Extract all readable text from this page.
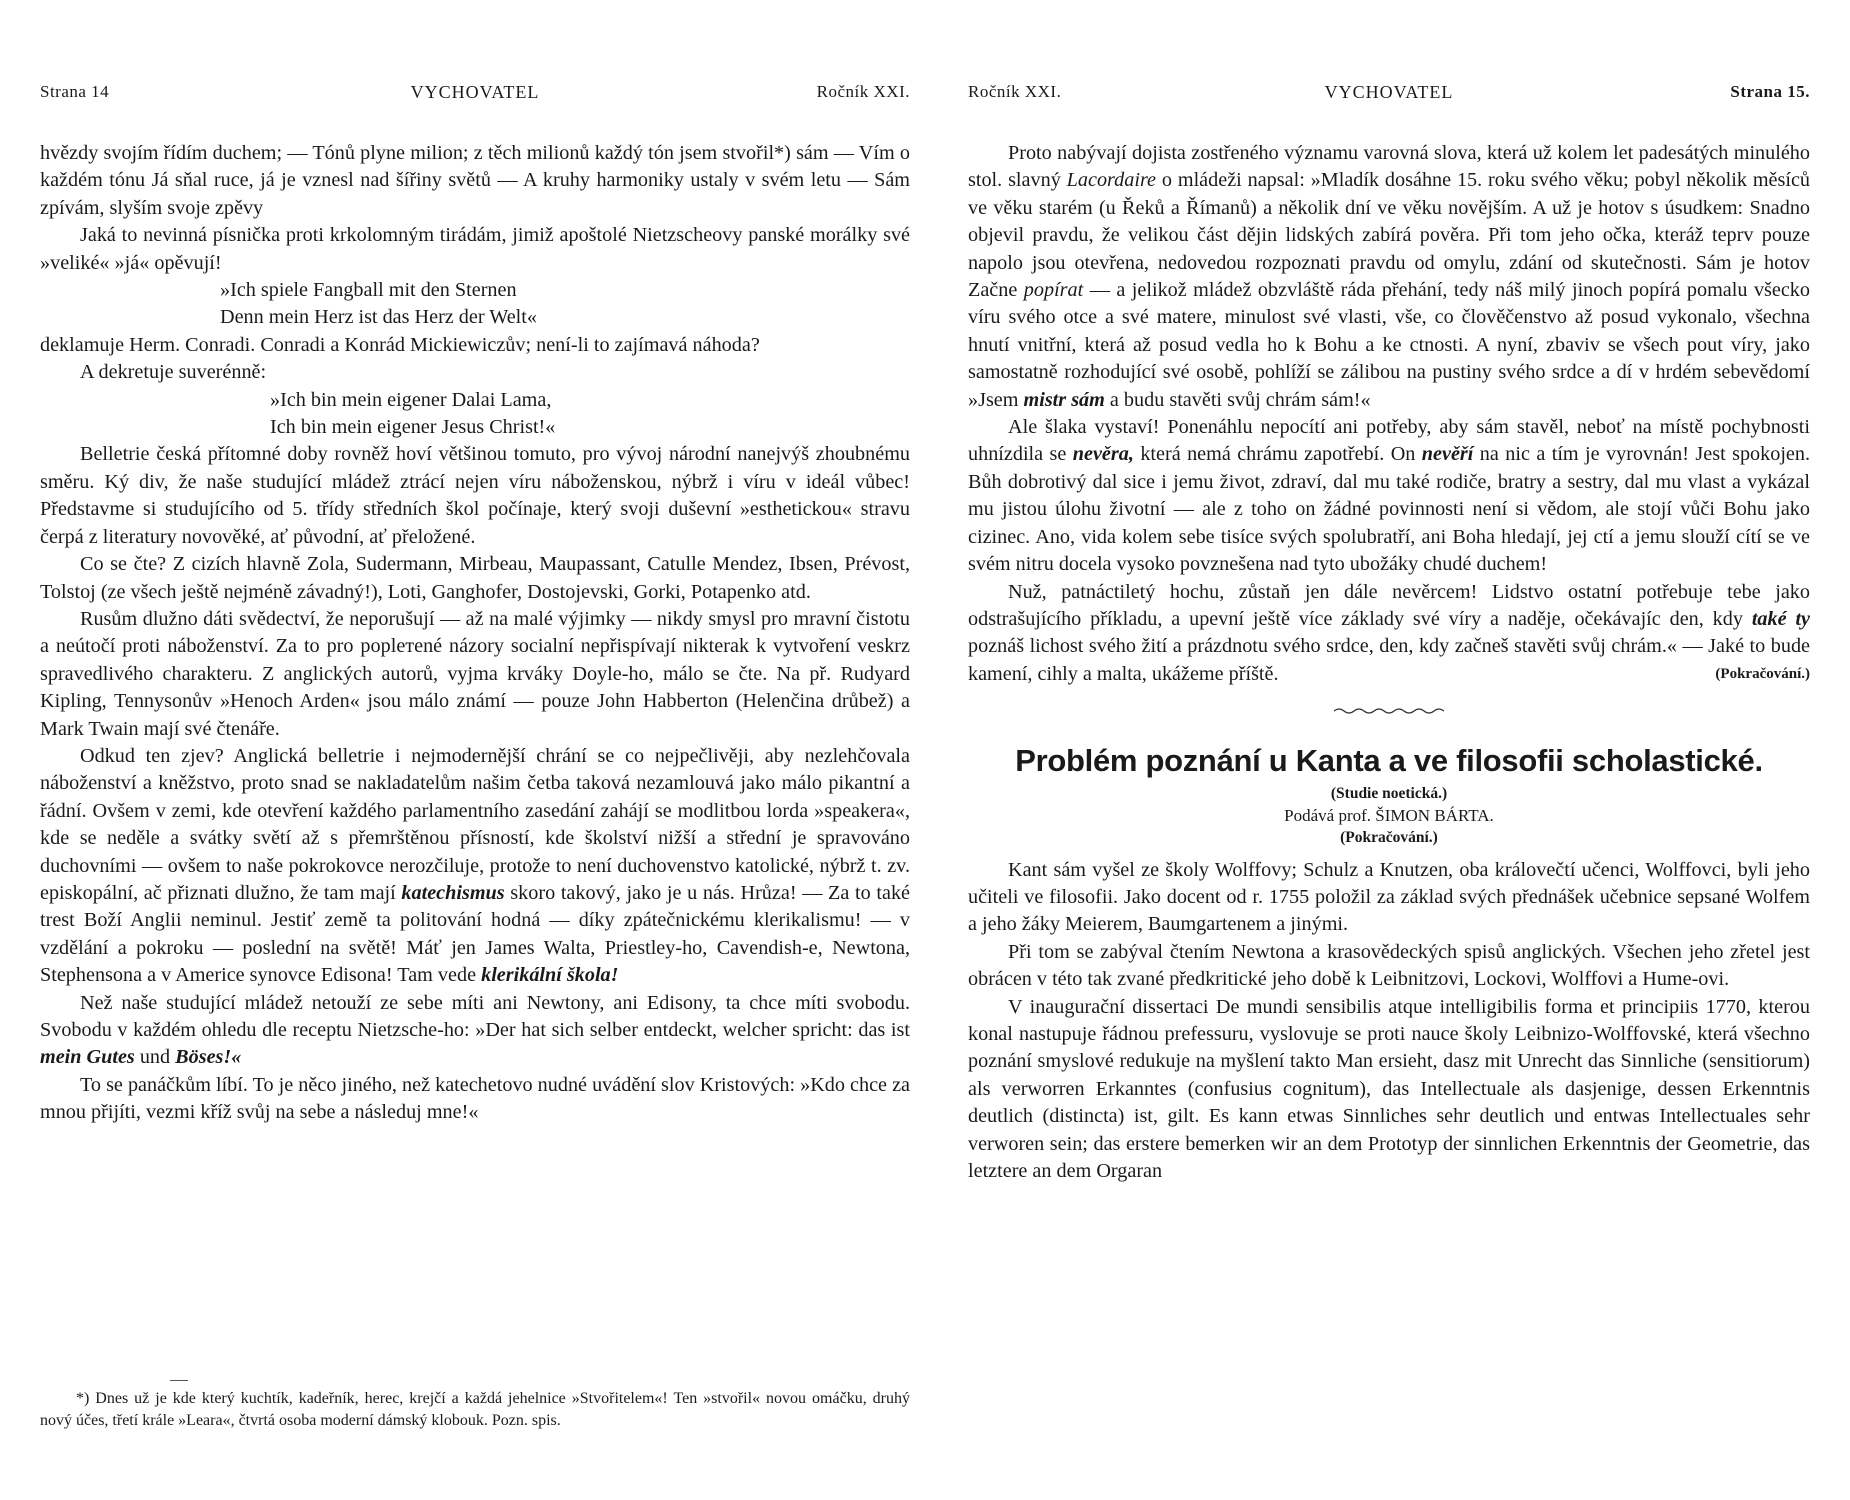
Strana 14	VYCHOVATEL	Ročník XXI.

hvězdy svojím řídím duchem; — Tónů plyne milion; z těch milionů každý tón jsem stvořil*) sám — Vím o každém tónu Já sňal ruce, já je vznesl nad šířiny světů — A kruhy harmoniky ustaly v svém letu — Sám zpívám, slyším svoje zpěvy

Jaká to nevinná písnička proti krkolomným tirádám, jimiž apoštolé Nietzscheovy panské morálky své »veliké« »já« opěvují!

»Ich spiele Fangball mit den Sternen

Denn mein Herz ist das Herz der Welt«

deklamuje Herm. Conradi. Conradi a Konrád Mickiewiczův; není-li to zajímavá náhoda?

A dekretuje suverénně:

»Ich bin mein eigener Dalai Lama,

Ich bin mein eigener Jesus Christ!«

Belletrie česká přítomné doby rovněž hoví většinou tomuto, pro vývoj národní nanejvýš zhoubnému směru. Ký div, že naše studující mládež ztrácí nejen víru náboženskou, nýbrž i víru v ideál vůbec! Představme si studujícího od 5. třídy středních škol počínaje, který svoji duševní »esthetickou« stravu čerpá z literatury novověké, ať původní, ať přeložené.

Co se čte? Z cizích hlavně Zola, Sudermann, Mirbeau, Maupassant, Catulle Mendez, Ibsen, Prévost, Tolstoj (ze všech ještě nejméně závadný!), Loti, Ganghofer, Dostojevski, Gorki, Potapenko atd.

Rusům dlužno dáti svědectví, že neporušují — až na malé výjimky — nikdy smysl pro mravní čistotu a neútočí proti náboženství. Za to pro poplетené názory socialní nepřispívají nikterak k vytvoření veskrz spravedlivého charakteru. Z anglických autorů, vyjma krváky Doyle-ho, málo se čte. Na př. Rudyard Kipling, Tennysonův »Henoch Arden« jsou málo známí — pouze John Habberton (Helenčina drůbež) a Mark Twain mají své čtenáře.

Odkud ten zjev? Anglická belletrie i nejmodernější chrání se co nejpečlivěji, aby nezlehčovala náboženství a kněžstvo, proto snad se nakladatelům našim četba taková nezamlouvá jako málo pikantní a řádní. Ovšem v zemi, kde otevření každého parlamentního zasedání zahájí se modlitbou lorda »speakera«, kde se neděle a svátky světí až s přemrštěnou přísností, kde školství nižší a střední je spravováno duchovními — ovšem to naše pokrokovce nerozčiluje, protože to není duchovenstvo katolické, nýbrž t. zv. episkopální, ač přiznati dlužno, že tam mají katechismus skoro takový, jako je u nás. Hrůza! — Za to také trest Boží Anglii neminul. Jestiť země ta politování hodná — díky zpátečnickému klerikalismu! — v vzdělání a pokroku — poslední na světě! Máť jen James Walta, Priestley-ho, Cavendish-e, Newtona, Stephensona a v Americe synovce Edisona! Tam vede klerikální škola!

Než naše studující mládež netouží ze sebe míti ani Newtony, ani Edisony, ta chce míti svobodu. Svobodu v každém ohledu dle receptu Nietzsche-ho: »Der hat sich selber entdeckt, welcher spricht: das ist mein Gutes und Böses!«

To se panáčkům líbí. To je něco jiného, než katechetovo nudné uvádění slov Kristových: »Kdo chce za mnou přijíti, vezmi kříž svůj na sebe a následuj mne!«

*) Dnes už je kde který kuchtík, kadeřník, herec, krejčí a každá jehelnice »Stvořitelem«! Ten »stvořil« novou omáčku, druhý nový účes, třetí krále »Leara«, čtvrtá osoba moderní dámský klobouk. Pozn. spis.

Ročník XXI.	VYCHOVATEL	Strana 15.

Proto nabývají dojista zostřeného významu varovná slova, která už kolem let padesátých minulého stol. slavný Lacordaire o mládeži napsal: »Mladík dosáhne 15. roku svého věku; pobyl několik měsíců ve věku starém (u Řeků a Římanů) a několik dní ve věku novějším. A už je hotov s úsudkem: Snadno objevil pravdu, že velikou část dějin lidských zabírá pověra. Při tom jeho očka, kteráž teprv pouze napolo jsou otevřena, nedovedou rozpoznati pravdu od omylu, zdání od skutečnosti. Sám je hotov Začne popírat — a jelikož mládež obzvláště ráda přehání, tedy náš milý jinoch popírá pomalu všecko víru svého otce a své matere, minulost své vlasti, vše, co člověčenstvo až posud vykonalo, všechna hnutí vnitřní, která až posud vedla ho k Bohu a ke ctnosti. A nyní, zbaviv se všech pout víry, jako samostatně rozhodující své osobě, pohlíží se zálibou na pustiny svého srdce a dí v hrdém sebevědomí »Jsem mistr sám a budu stavěti svůj chrám sám!«

Ale šlaka vystaví! Ponenáhlu nepocítí ani potřeby, aby sám stavěl, neboť na místě pochybnosti uhnízdila se nevěra, která nemá chrámu zapotřebí. On nevěří na nic a tím je vyrovnán! Jest spokojen. Bůh dobrotivý dal sice i jemu život, zdraví, dal mu také rodiče, bratry a sestry, dal mu vlast a vykázal mu jistou úlohu životní — ale z toho on žádné povinnosti není si vědom, ale stojí vůči Bohu jako cizinec. Ano, vida kolem sebe tisíce svých spolubratří, ani Boha hledají, jej ctí a jemu slouží cítí se ve svém nitru docela vysoko povznešena nad tyto ubožáky chudé duchem!

Nuž, patnáctiletý hochu, zůstaň jen dále nevěrcem! Lidstvo ostatní potřebuje tebe jako odstrašujícího příkladu, a upevní ještě více základy své víry a naděje, očekávajíc den, kdy také ty poznáš lichost svého žití a prázdnotu svého srdce, den, kdy začneš stavěti svůj chrám.« — Jaké to bude kamení, cihly a malta, ukážeme příště.	(Pokračování.)
Problém poznání u Kanta a ve filosofii scholastické.
(Studie noetická.)
Podává prof. ŠIMON BÁRTA.
(Pokračování.)

Kant sám vyšel ze školy Wolffovy; Schulz a Knutzen, oba královečtí učenci, Wolffovci, byli jeho učiteli ve filosofii. Jako docent od r. 1755 položil za základ svých přednášek učebnice sepsané Wolfem a jeho žáky Meierem, Baumgartenem a jinými.

Při tom se zabýval čtením Newtona a krasovědeckých spisů anglických. Všechen jeho zřetel jest obrácen v této tak zvané předkritické jeho době k Leibnitzovi, Lockovi, Wolffovi a Hume-ovi.

V inaugurační dissertaci De mundi sensibilis atque intelligibilis forma et principiis 1770, kterou konal nastupuje řádnou prefessuru, vyslovuje se proti nauce školy Leibnizo-Wolffovské, která všechno poznání smyslové redukuje na myšlení takto Man ersieht, dasz mit Unrecht das Sinnliche (sensitiorum) als verworren Erkanntes (confusius cognitum), das Intellectuale als dasjenige, dessen Erkenntnis deutlich (distincta) ist, gilt. Es kann etwas Sinnliches sehr deutlich und entwas Intellectuales sehr verworen sein; das erstere bemerken wir an dem Prototyp der sinnlichen Erkenntnis der Geometrie, das letztere an dem Orgaran
